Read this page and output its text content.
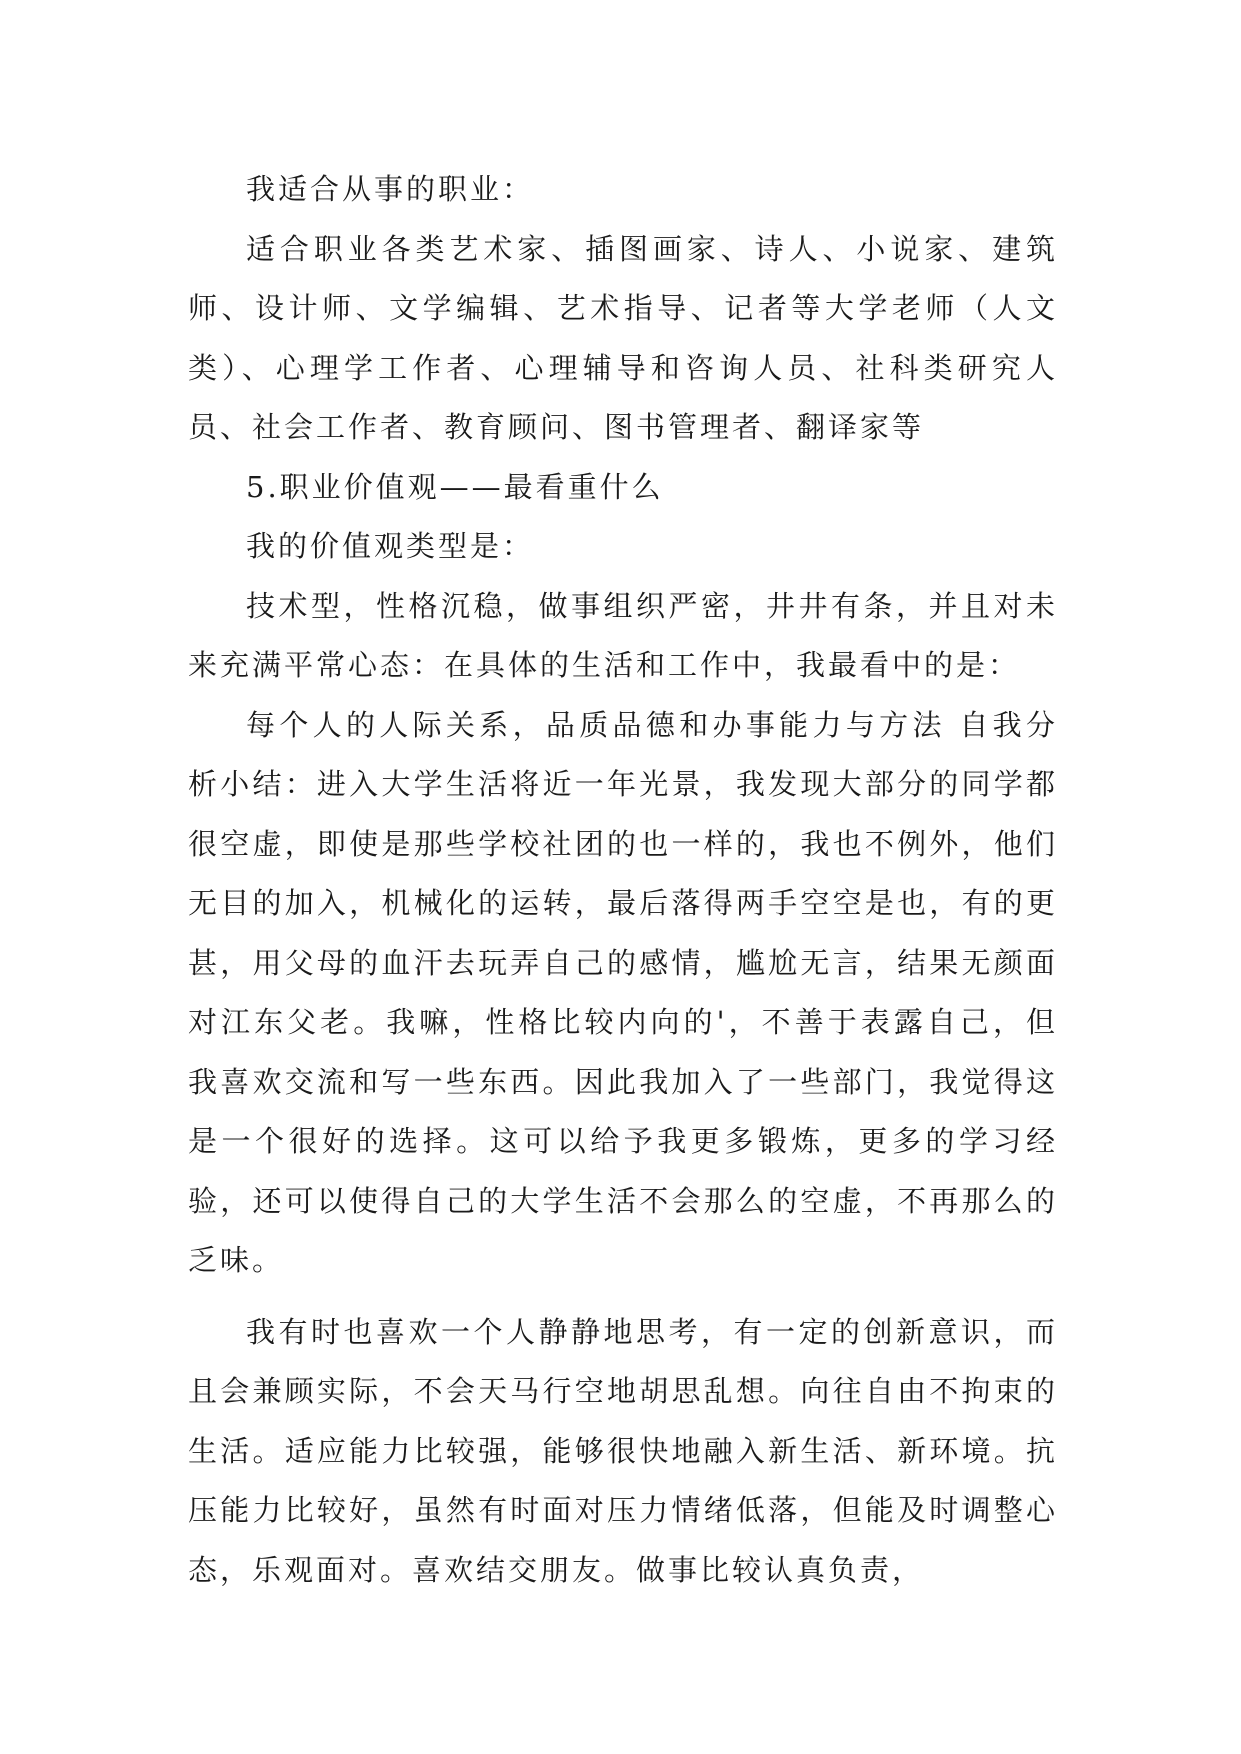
我适合从事的职业：

适合职业各类艺术家、插图画家、诗人、小说家、建筑师、设计师、文学编辑、艺术指导、记者等大学老师（人文类）、心理学工作者、心理辅导和咨询人员、社科类研究人员、社会工作者、教育顾问、图书管理者、翻译家等

5.职业价值观——最看重什么

我的价值观类型是：

技术型，性格沉稳，做事组织严密，井井有条，并且对未来充满平常心态：在具体的生活和工作中，我最看中的是：

每个人的人际关系，品质品德和办事能力与方法 自我分析小结：进入大学生活将近一年光景，我发现大部分的同学都很空虚，即使是那些学校社团的也一样的，我也不例外，他们无目的加入，机械化的运转，最后落得两手空空是也，有的更甚，用父母的血汗去玩弄自己的感情，尴尬无言，结果无颜面对江东父老。我嘛，性格比较内向的'，不善于表露自己，但我喜欢交流和写一些东西。因此我加入了一些部门，我觉得这是一个很好的选择。这可以给予我更多锻炼，更多的学习经验，还可以使得自己的大学生活不会那么的空虚，不再那么的乏味。

我有时也喜欢一个人静静地思考，有一定的创新意识，而且会兼顾实际，不会天马行空地胡思乱想。向往自由不拘束的生活。适应能力比较强，能够很快地融入新生活、新环境。抗压能力比较好，虽然有时面对压力情绪低落，但能及时调整心态，乐观面对。喜欢结交朋友。做事比较认真负责，
